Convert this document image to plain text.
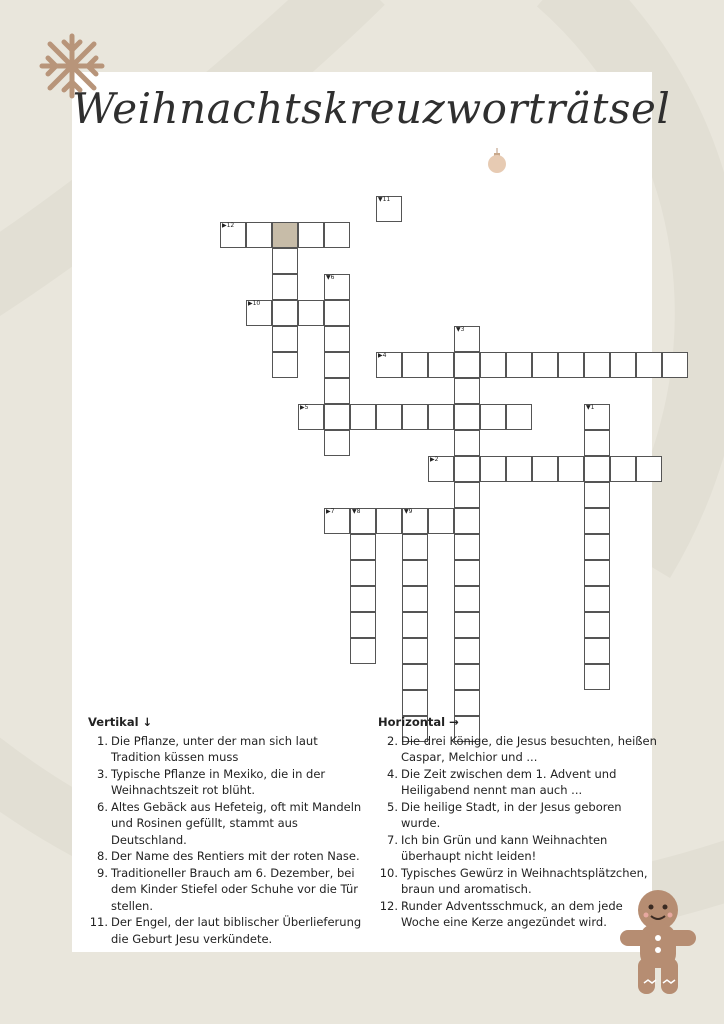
Weihnachtskreuzworträtsel
▼11
▶12
▼6
▶10
▼3
▶4
▶5	▼1
▶2
▶7	▼8	▼9
Vertikal ↓
1. Die Pflanze, unter der man sich laut Tradition küssen muss
3. Typische Pflanze in Mexiko, die in der Weihnachtszeit rot blüht.
6. Altes Gebäck aus Hefeteig, oft mit Mandeln und Rosinen gefüllt, stammt aus Deutschland.
8. Der Name des Rentiers mit der roten Nase.
9. Traditioneller Brauch am 6. Dezember, bei dem Kinder Stiefel oder Schuhe vor die Tür stellen.
11. Der Engel, der laut biblischer Überlieferung die Geburt Jesu verkündete.
Horizontal →
2. Die drei Könige, die Jesus besuchten, heißen Caspar, Melchior und ...
4. Die Zeit zwischen dem 1. Advent und Heiligabend nennt man auch ...
5. Die heilige Stadt, in der Jesus geboren wurde.
7. Ich bin Grün und kann Weihnachten überhaupt nicht leiden!
10. Typisches Gewürz in Weihnachtsplätzchen, braun und aromatisch.
12. Runder Adventsschmuck, an dem jede Woche eine Kerze angezündet wird.
